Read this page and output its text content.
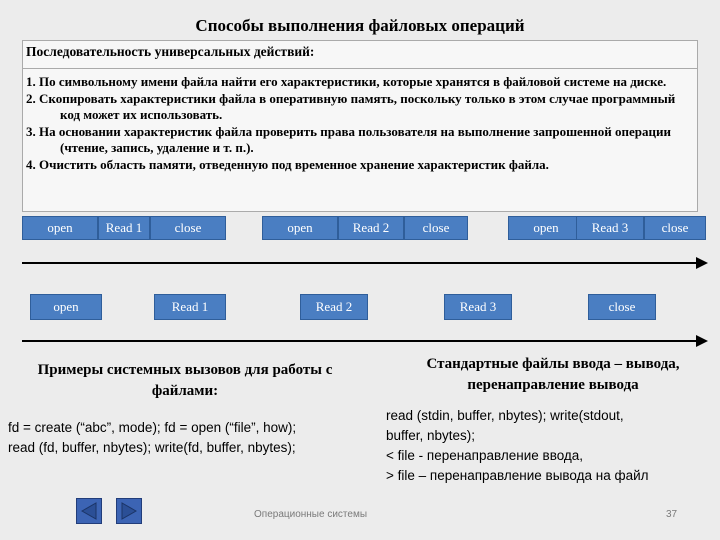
Способы выполнения файловых операций
Последовательность универсальных действий:
1. По символьному имени файла найти его характеристики, которые хранятся в файловой системе на диске.
2. Скопировать характеристики файла в оперативную память, поскольку только в этом случае программный код может их использовать.
3. На основании характеристик файла проверить права пользователя на выполнение запрошенной операции (чтение, запись, удаление и т. п.).
4. Очистить область памяти, отведенную под временное хранение характеристик файла.
open	Read 1	close	open	Read 2	close	open	Read 3	close
open	Read 1	Read 2	Read 3	close
Примеры системных вызовов для работы с файлами:
fd = create (“abc”, mode); fd = open (“file”, how);
read (fd, buffer, nbytes); write(fd, buffer, nbytes);
Стандартные файлы ввода – вывода, перенаправление вывода
read (stdin, buffer, nbytes); write(stdout,
buffer, nbytes);
< file - перенаправление ввода,
> file – перенаправление вывода на файл
Операционные системы	37
